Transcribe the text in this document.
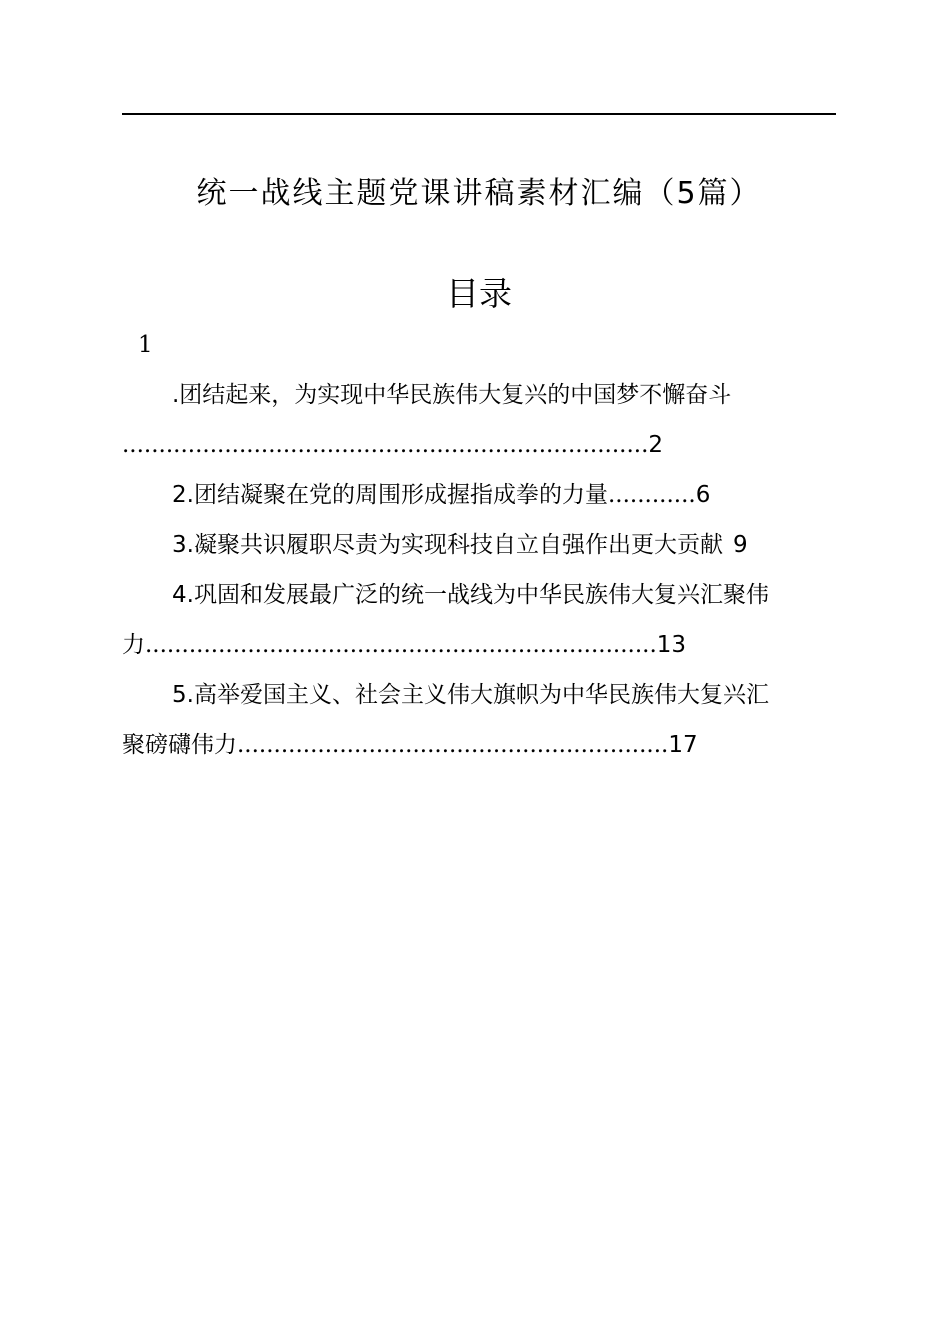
统一战线主题党课讲稿素材汇编（5篇）
目录
1
.团结起来，为实现中华民族伟大复兴的中国梦不懈奋斗
........................................................................2
2.团结凝聚在党的周围形成握指成拳的力量............6
3.凝聚共识履职尽责为实现科技自立自强作出更大贡献 9
4.巩固和发展最广泛的统一战线为中华民族伟大复兴汇聚伟
力......................................................................13
5.高举爱国主义、社会主义伟大旗帜为中华民族伟大复兴汇
聚磅礴伟力...........................................................17
